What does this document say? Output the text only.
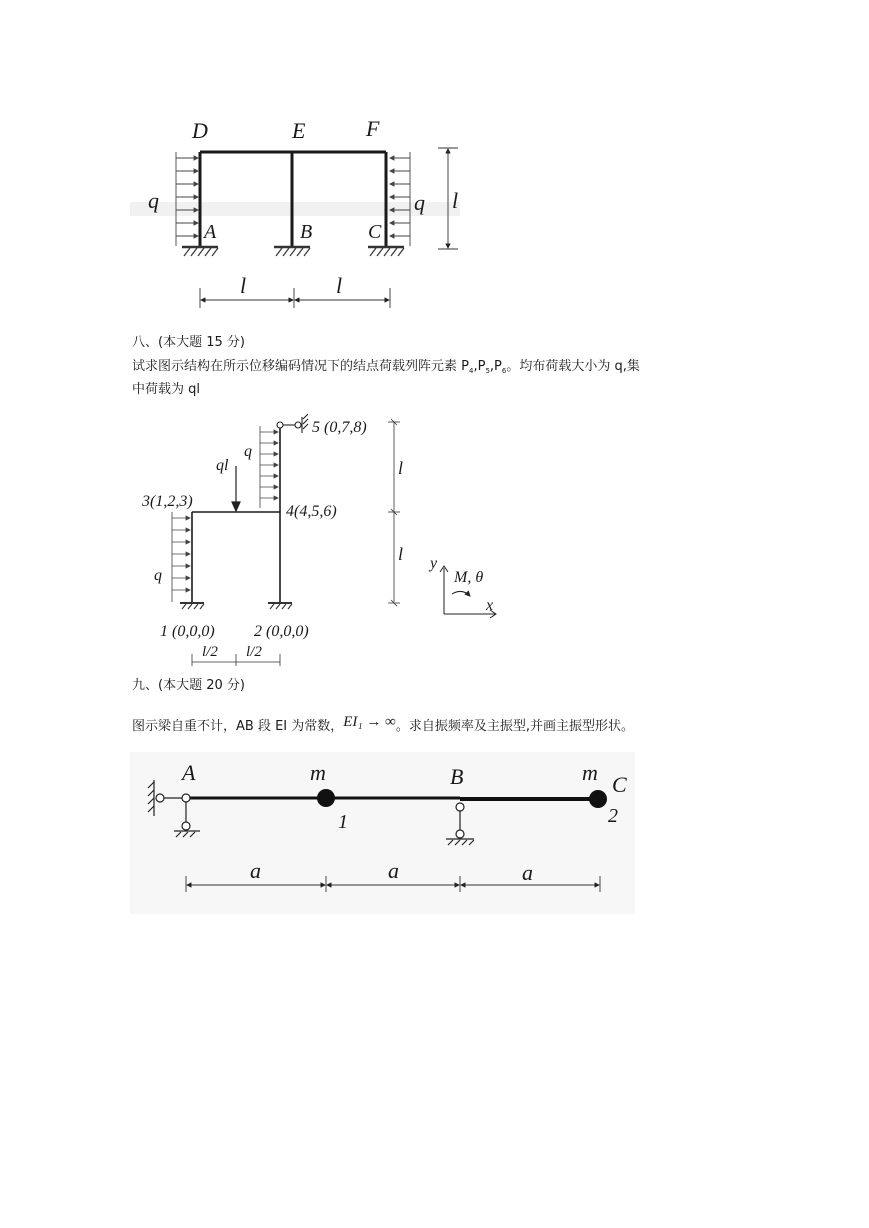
D	E	F
A	B	C
q	q l
l	l
八、(本大题 15 分)
试求图示结构在所示位移编码情况下的结点荷载列阵元素 $P_4,P_5,P_6$。均布荷载大小为 q,集
中荷载为 ql
5 (0,7,8)
q
ql
3(1,2,3)
4(4,5,6)
q
1 (0,0,0) 2 (0,0,0)
l/2 l/2
l
l y
M, θ
x
九、(本大题 20 分)
图示梁自重不计，AB 段 EI 为常数，EI₁ → ∞。求自振频率及主振型,并画主振型形状。
A	m	B	m C
1	2
a	a	a
